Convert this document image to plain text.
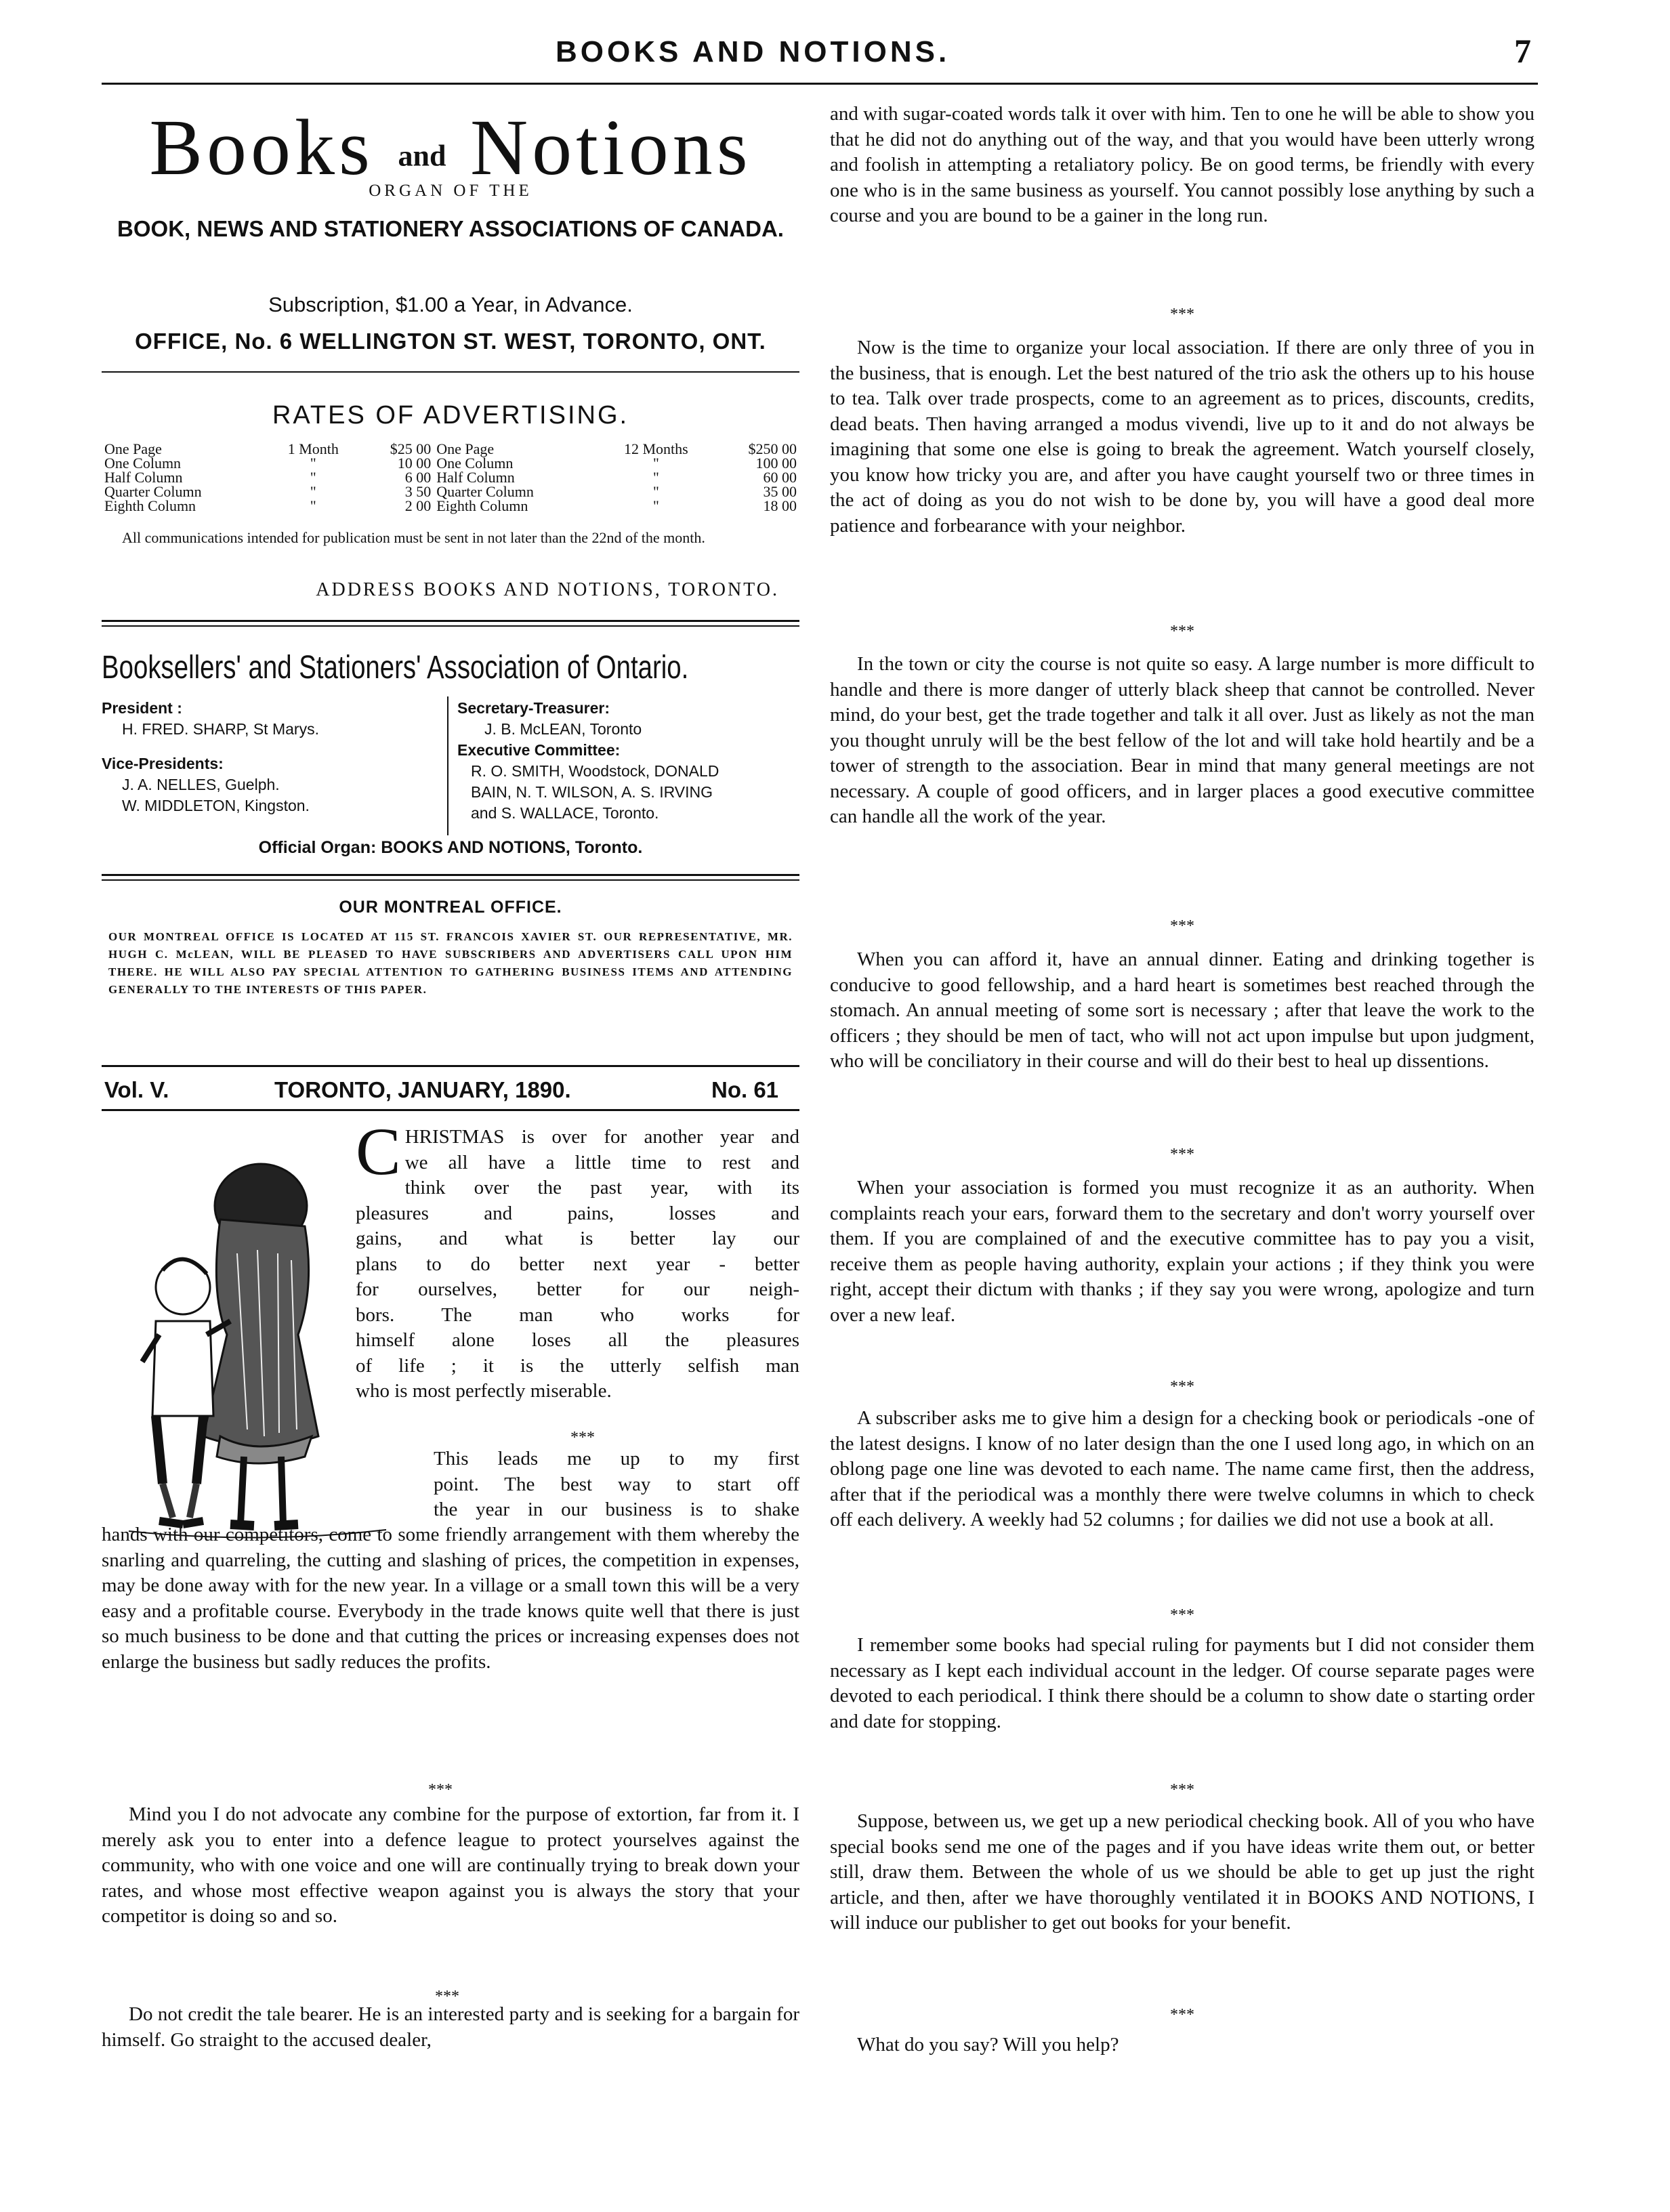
BOOKS AND NOTIONS.	7
Books and Notions
ORGAN OF THE
BOOK, NEWS AND STATIONERY ASSOCIATIONS OF CANADA.
Subscription, $1.00 a Year, in Advance.
OFFICE, No. 6 WELLINGTON ST. WEST, TORONTO, ONT.
RATES OF ADVERTISING.
One Page	1 Month	$25 00	One Page	12 Months	$250 00
One Column	"	10 00	One Column	"	100 00
Half Column	"	6 00	Half Column	"	60 00
Quarter Column	"	3 50	Quarter Column	"	35 00
Eighth Column	"	2 00	Eighth Column	"	18 00
All communications intended for publication must be sent in not later than the 22nd of the month.
ADDRESS BOOKS AND NOTIONS, TORONTO.
Booksellers' and Stationers' Association of Ontario.
President :
H. FRED. SHARP, St Marys.
Vice-Presidents:
J. A. NELLES, Guelph.
W. MIDDLETON, Kingston.
Secretary-Treasurer:
J. B. McLEAN, Toronto
Executive Committee:
R. O. SMITH, Woodstock, DONALD
BAIN, N. T. WILSON, A. S. IRVING
and S. WALLACE, Toronto.
Official Organ: BOOKS AND NOTIONS, Toronto.
OUR MONTREAL OFFICE.
OUR MONTREAL OFFICE IS LOCATED AT 115 ST. FRANCOIS XAVIER ST. OUR REPRESENTATIVE, MR. HUGH C. McLEAN, WILL BE PLEASED TO HAVE SUBSCRIBERS AND ADVERTISERS CALL UPON HIM THERE. HE WILL ALSO PAY SPECIAL ATTENTION TO GATHERING BUSINESS ITEMS AND ATTENDING GENERALLY TO THE INTERESTS OF THIS PAPER.
Vol. V.	TORONTO, JANUARY, 1890.	No. 61
C HRISTMAS is over for another year and
we all have a little time to rest and
think over the past year, with its
pleasures and pains, losses and
gains, and what is better lay our
plans to do better next year - better
for ourselves, better for our neigh-
bors. The man who works for
himself alone loses all the pleasures
of life ; it is the utterly selfish man
who is most perfectly miserable.
***
This leads me up to my first
point. The best way to start off
the year in our business is to shake
hands with our competitors, come to some friendly arrangement with them whereby the snarling and quarreling, the cutting and slashing of prices, the competition in expenses, may be done away with for the new year. In a village or a small town this will be a very easy and a profitable course. Everybody in the trade knows quite well that there is just so much business to be done and that cutting the prices or increasing expenses does not enlarge the business but sadly reduces the profits.
***
Mind you I do not advocate any combine for the purpose of extortion, far from it. I merely ask you to enter into a defence league to protect yourselves against the community, who with one voice and one will are continually trying to break down your rates, and whose most effective weapon against you is always the story that your competitor is doing so and so.
***
Do not credit the tale bearer. He is an interested party and is seeking for a bargain for himself. Go straight to the accused dealer,
and with sugar-coated words talk it over with him. Ten to one he will be able to show you that he did not do anything out of the way, and that you would have been utterly wrong and foolish in attempting a retaliatory policy. Be on good terms, be friendly with every one who is in the same business as yourself. You cannot possibly lose anything by such a course and you are bound to be a gainer in the long run.
***
Now is the time to organize your local association. If there are only three of you in the business, that is enough. Let the best natured of the trio ask the others up to his house to tea. Talk over trade prospects, come to an agreement as to prices, discounts, credits, dead beats. Then having arranged a modus vivendi, live up to it and do not always be imagining that some one else is going to break the agreement. Watch yourself closely, you know how tricky you are, and after you have caught yourself two or three times in the act of doing as you do not wish to be done by, you will have a good deal more patience and forbearance with your neighbor.
***
In the town or city the course is not quite so easy. A large number is more difficult to handle and there is more danger of utterly black sheep that cannot be controlled. Never mind, do your best, get the trade together and talk it all over. Just as likely as not the man you thought unruly will be the best fellow of the lot and will take hold heartily and be a tower of strength to the association. Bear in mind that many general meetings are not necessary. A couple of good officers, and in larger places a good executive committee can handle all the work of the year.
***
When you can afford it, have an annual dinner. Eating and drinking together is conducive to good fellowship, and a hard heart is sometimes best reached through the stomach. An annual meeting of some sort is necessary ; after that leave the work to the officers ; they should be men of tact, who will not act upon impulse but upon judgment, who will be conciliatory in their course and will do their best to heal up dissentions.
***
When your association is formed you must recognize it as an authority. When complaints reach your ears, forward them to the secretary and don't worry yourself over them. If you are complained of and the executive committee has to pay you a visit, receive them as people having authority, explain your actions ; if they think you were right, accept their dictum with thanks ; if they say you were wrong, apologize and turn over a new leaf.
***
A subscriber asks me to give him a design for a checking book or periodicals -one of the latest designs. I know of no later design than the one I used long ago, in which on an oblong page one line was devoted to each name. The name came first, then the address, after that if the periodical was a monthly there were twelve columns in which to check off each delivery. A weekly had 52 columns ; for dailies we did not use a book at all.
***
I remember some books had special ruling for payments but I did not consider them necessary as I kept each individual account in the ledger. Of course separate pages were devoted to each periodical. I think there should be a column to show date o starting order and date for stopping.
***
Suppose, between us, we get up a new periodical checking book. All of you who have special books send me one of the pages and if you have ideas write them out, or better still, draw them. Between the whole of us we should be able to get up just the right article, and then, after we have thoroughly ventilated it in BOOKS AND NOTIONS, I will induce our publisher to get out books for your benefit.
***
What do you say? Will you help?
